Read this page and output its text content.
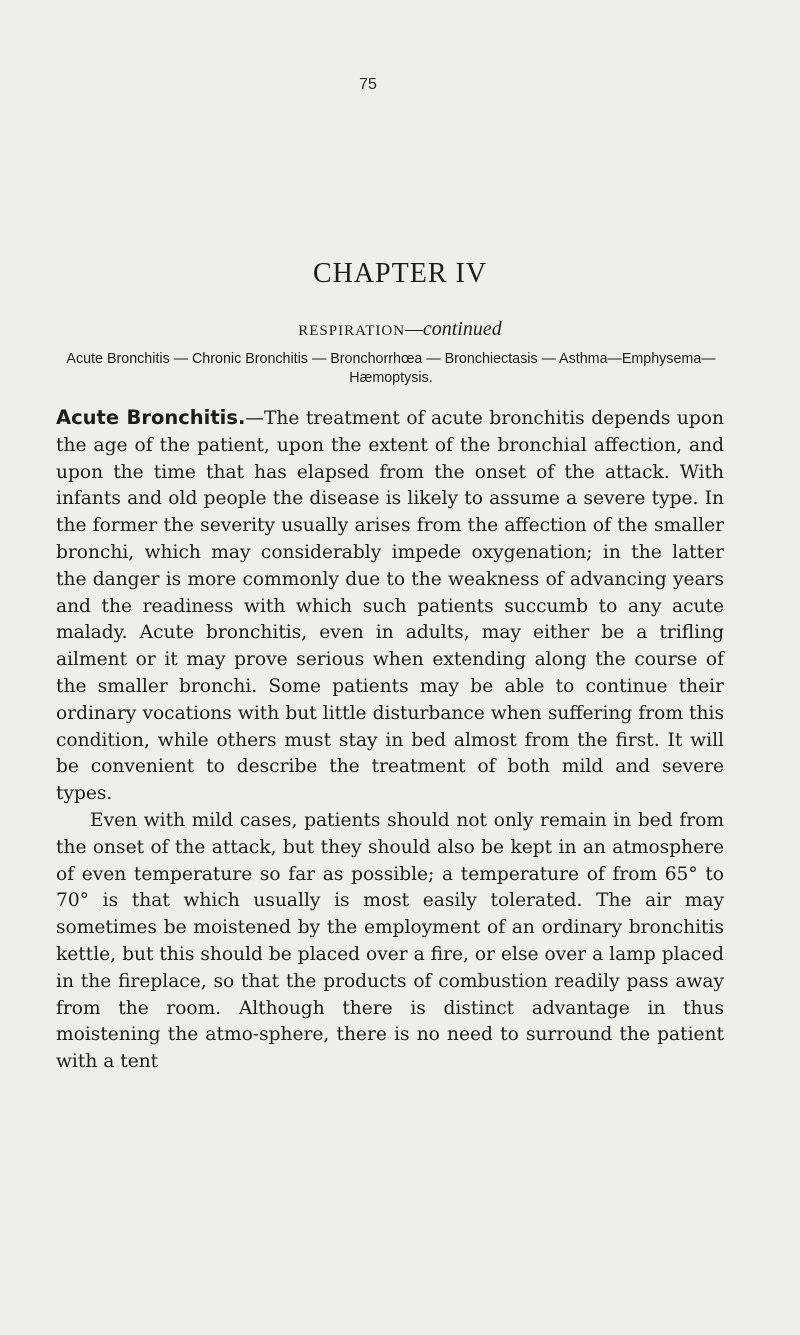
75
CHAPTER IV
RESPIRATION—continued
Acute Bronchitis — Chronic Bronchitis — Bronchorrhœa — Bronchiectasis — Asthma—Emphysema—Hæmoptysis.

Acute Bronchitis.—The treatment of acute bronchitis depends upon the age of the patient, upon the extent of the bronchial affection, and upon the time that has elapsed from the onset of the attack. With infants and old people the disease is likely to assume a severe type. In the former the severity usually arises from the affection of the smaller bronchi, which may considerably impede oxygenation; in the latter the danger is more commonly due to the weakness of advancing years and the readiness with which such patients succumb to any acute malady. Acute bronchitis, even in adults, may either be a trifling ailment or it may prove serious when extending along the course of the smaller bronchi. Some patients may be able to continue their ordinary vocations with but little disturbance when suffering from this condition, while others must stay in bed almost from the first. It will be convenient to describe the treatment of both mild and severe types.

Even with mild cases, patients should not only remain in bed from the onset of the attack, but they should also be kept in an atmosphere of even temperature so far as possible; a temperature of from 65° to 70° is that which usually is most easily tolerated. The air may sometimes be moistened by the employment of an ordinary bronchitis kettle, but this should be placed over a fire, or else over a lamp placed in the fireplace, so that the products of combustion readily pass away from the room. Although there is distinct advantage in thus moistening the atmo-sphere, there is no need to surround the patient with a tent
